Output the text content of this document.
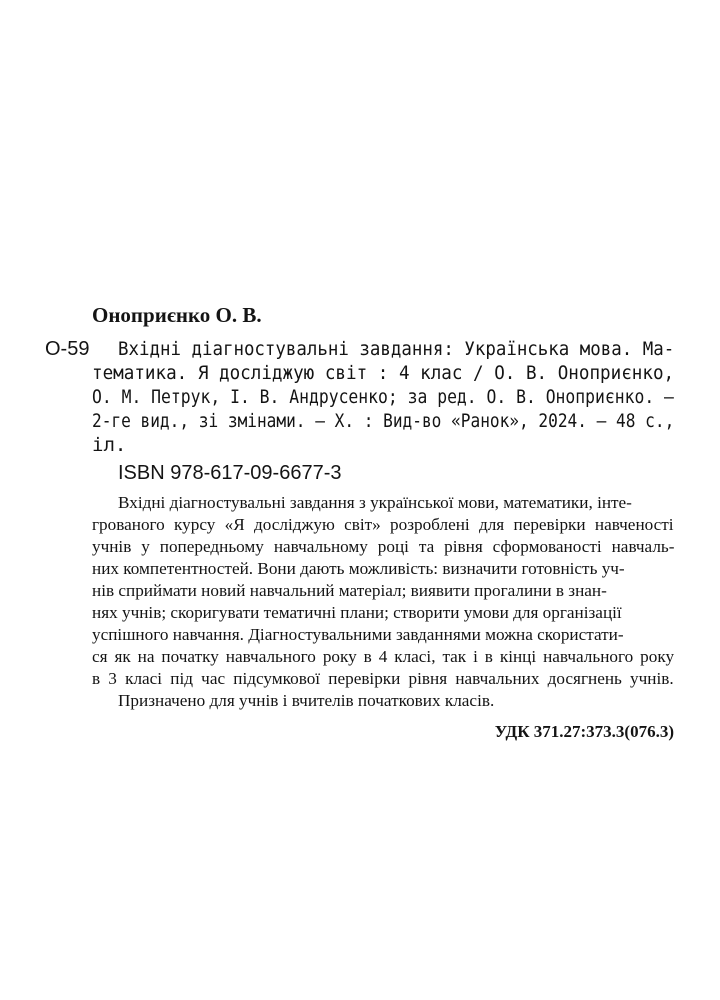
Оноприєнко О. В.
О-59 Вхідні діагностувальні завдання: Українська мова. Ма-
тематика. Я досліджую світ : 4 клас / О. В. Оноприєнко,
О. М. Петрук, І. В. Андрусенко; за ред. О. В. Оноприєнко. —
2-ге вид., зі змінами. — Х. : Вид-во «Ранок», 2024. — 48 с.,
іл.
ISBN 978-617-09-6677-3
Вхідні діагностувальні завдання з української мови, математики, інте-
грованого курсу «Я досліджую світ» розроблені для перевірки навченості
учнів у попередньому навчальному році та рівня сформованості навчаль-
них компетентностей. Вони дають можливість: визначити готовність уч-
нів сприймати новий навчальний матеріал; виявити прогалини в знан-
нях учнів; скоригувати тематичні плани; створити умови для організації
успішного навчання. Діагностувальними завданнями можна скористати-
ся як на початку навчального року в 4 класі, так і в кінці навчального року
в 3 класі під час підсумкової перевірки рівня навчальних досягнень учнів.
Призначено для учнів і вчителів початкових класів.
УДК 371.27:373.3(076.3)
